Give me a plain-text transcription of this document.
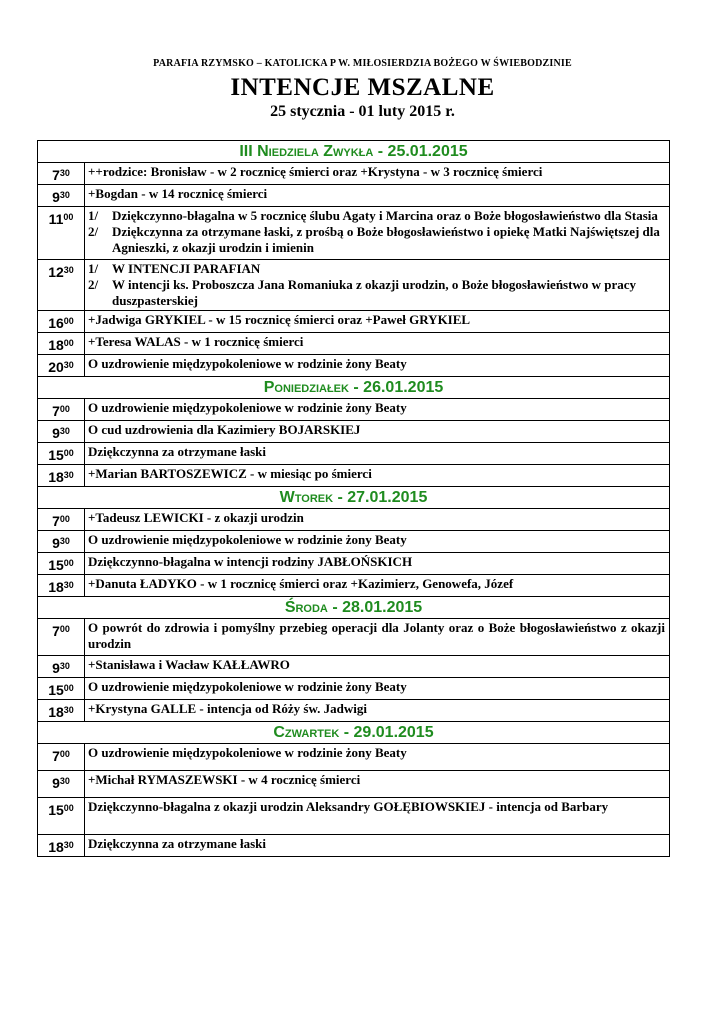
PARAFIA RZYMSKO – KATOLICKA P W. MIŁOSIERDZIA BOŻEGO W ŚWIEBODZINIE
INTENCJE MSZALNE
25 stycznia - 01 luty 2015 r.
III Niedziela Zwykła - 25.01.2015	
$7^{30}$	++rodzice: Bronisław - w 2 rocznicę śmierci oraz +Krystyna - w 3 rocznicę śmierci
$9^{30}$	+Bogdan - w 14 rocznicę śmierci
$11^{00}$	1/ Dziękczynno-błagalna w 5 rocznicę ślubu Agaty i Marcina oraz o Boże błogosławieństwo dla Stasia
2/ Dziękczynna za otrzymane łaski, z prośbą o Boże błogosławieństwo i opiekę Matki Najświętszej dla Agnieszki, z okazji urodzin i imienin

$12^{30}$	1/ W INTENCJI PARAFIAN
2/ W intencji ks. Proboszcza Jana Romaniuka z okazji urodzin, o Boże błogosławieństwo w pracy duszpasterskiej

$16^{00}$	+Jadwiga GRYKIEL - w 15 rocznicę śmierci oraz +Paweł GRYKIEL
$18^{00}$	+Teresa WALAS - w 1 rocznicę śmierci
$20^{30}$	O uzdrowienie międzypokoleniowe w rodzinie żony Beaty
Poniedziałek - 26.01.2015	
$7^{00}$	O uzdrowienie międzypokoleniowe w rodzinie żony Beaty
$9^{30}$	O cud uzdrowienia dla Kazimiery BOJARSKIEJ
$15^{00}$	Dziękczynna za otrzymane łaski
$18^{30}$	+Marian BARTOSZEWICZ - w miesiąc po śmierci
Wtorek - 27.01.2015	
$7^{00}$	+Tadeusz LEWICKI - z okazji urodzin
$9^{30}$	O uzdrowienie międzypokoleniowe w rodzinie żony Beaty
$15^{00}$	Dziękczynno-błagalna w intencji rodziny JABŁOŃSKICH
$18^{30}$	+Danuta ŁADYKO - w 1 rocznicę śmierci oraz +Kazimierz, Genowefa, Józef
Środa - 28.01.2015	
$7^{00}$	O powrót do zdrowia i pomyślny przebieg operacji dla Jolanty oraz o Boże błogosławieństwo z okazji urodzin
$9^{30}$	+Stanisława i Wacław KAŁŁAWRO
$15^{00}$	O uzdrowienie międzypokoleniowe w rodzinie żony Beaty
$18^{30}$	+Krystyna GALLE - intencja od Róży św. Jadwigi
Czwartek - 29.01.2015	
$7^{00}$	O uzdrowienie międzypokoleniowe w rodzinie żony Beaty
$9^{30}$	+Michał RYMASZEWSKI - w 4 rocznicę śmierci
$15^{00}$	Dziękczynno-błagalna z okazji urodzin Aleksandry GOŁĘBIOWSKIEJ - intencja od Barbary
$18^{30}$	Dziękczynna za otrzymane łaski
